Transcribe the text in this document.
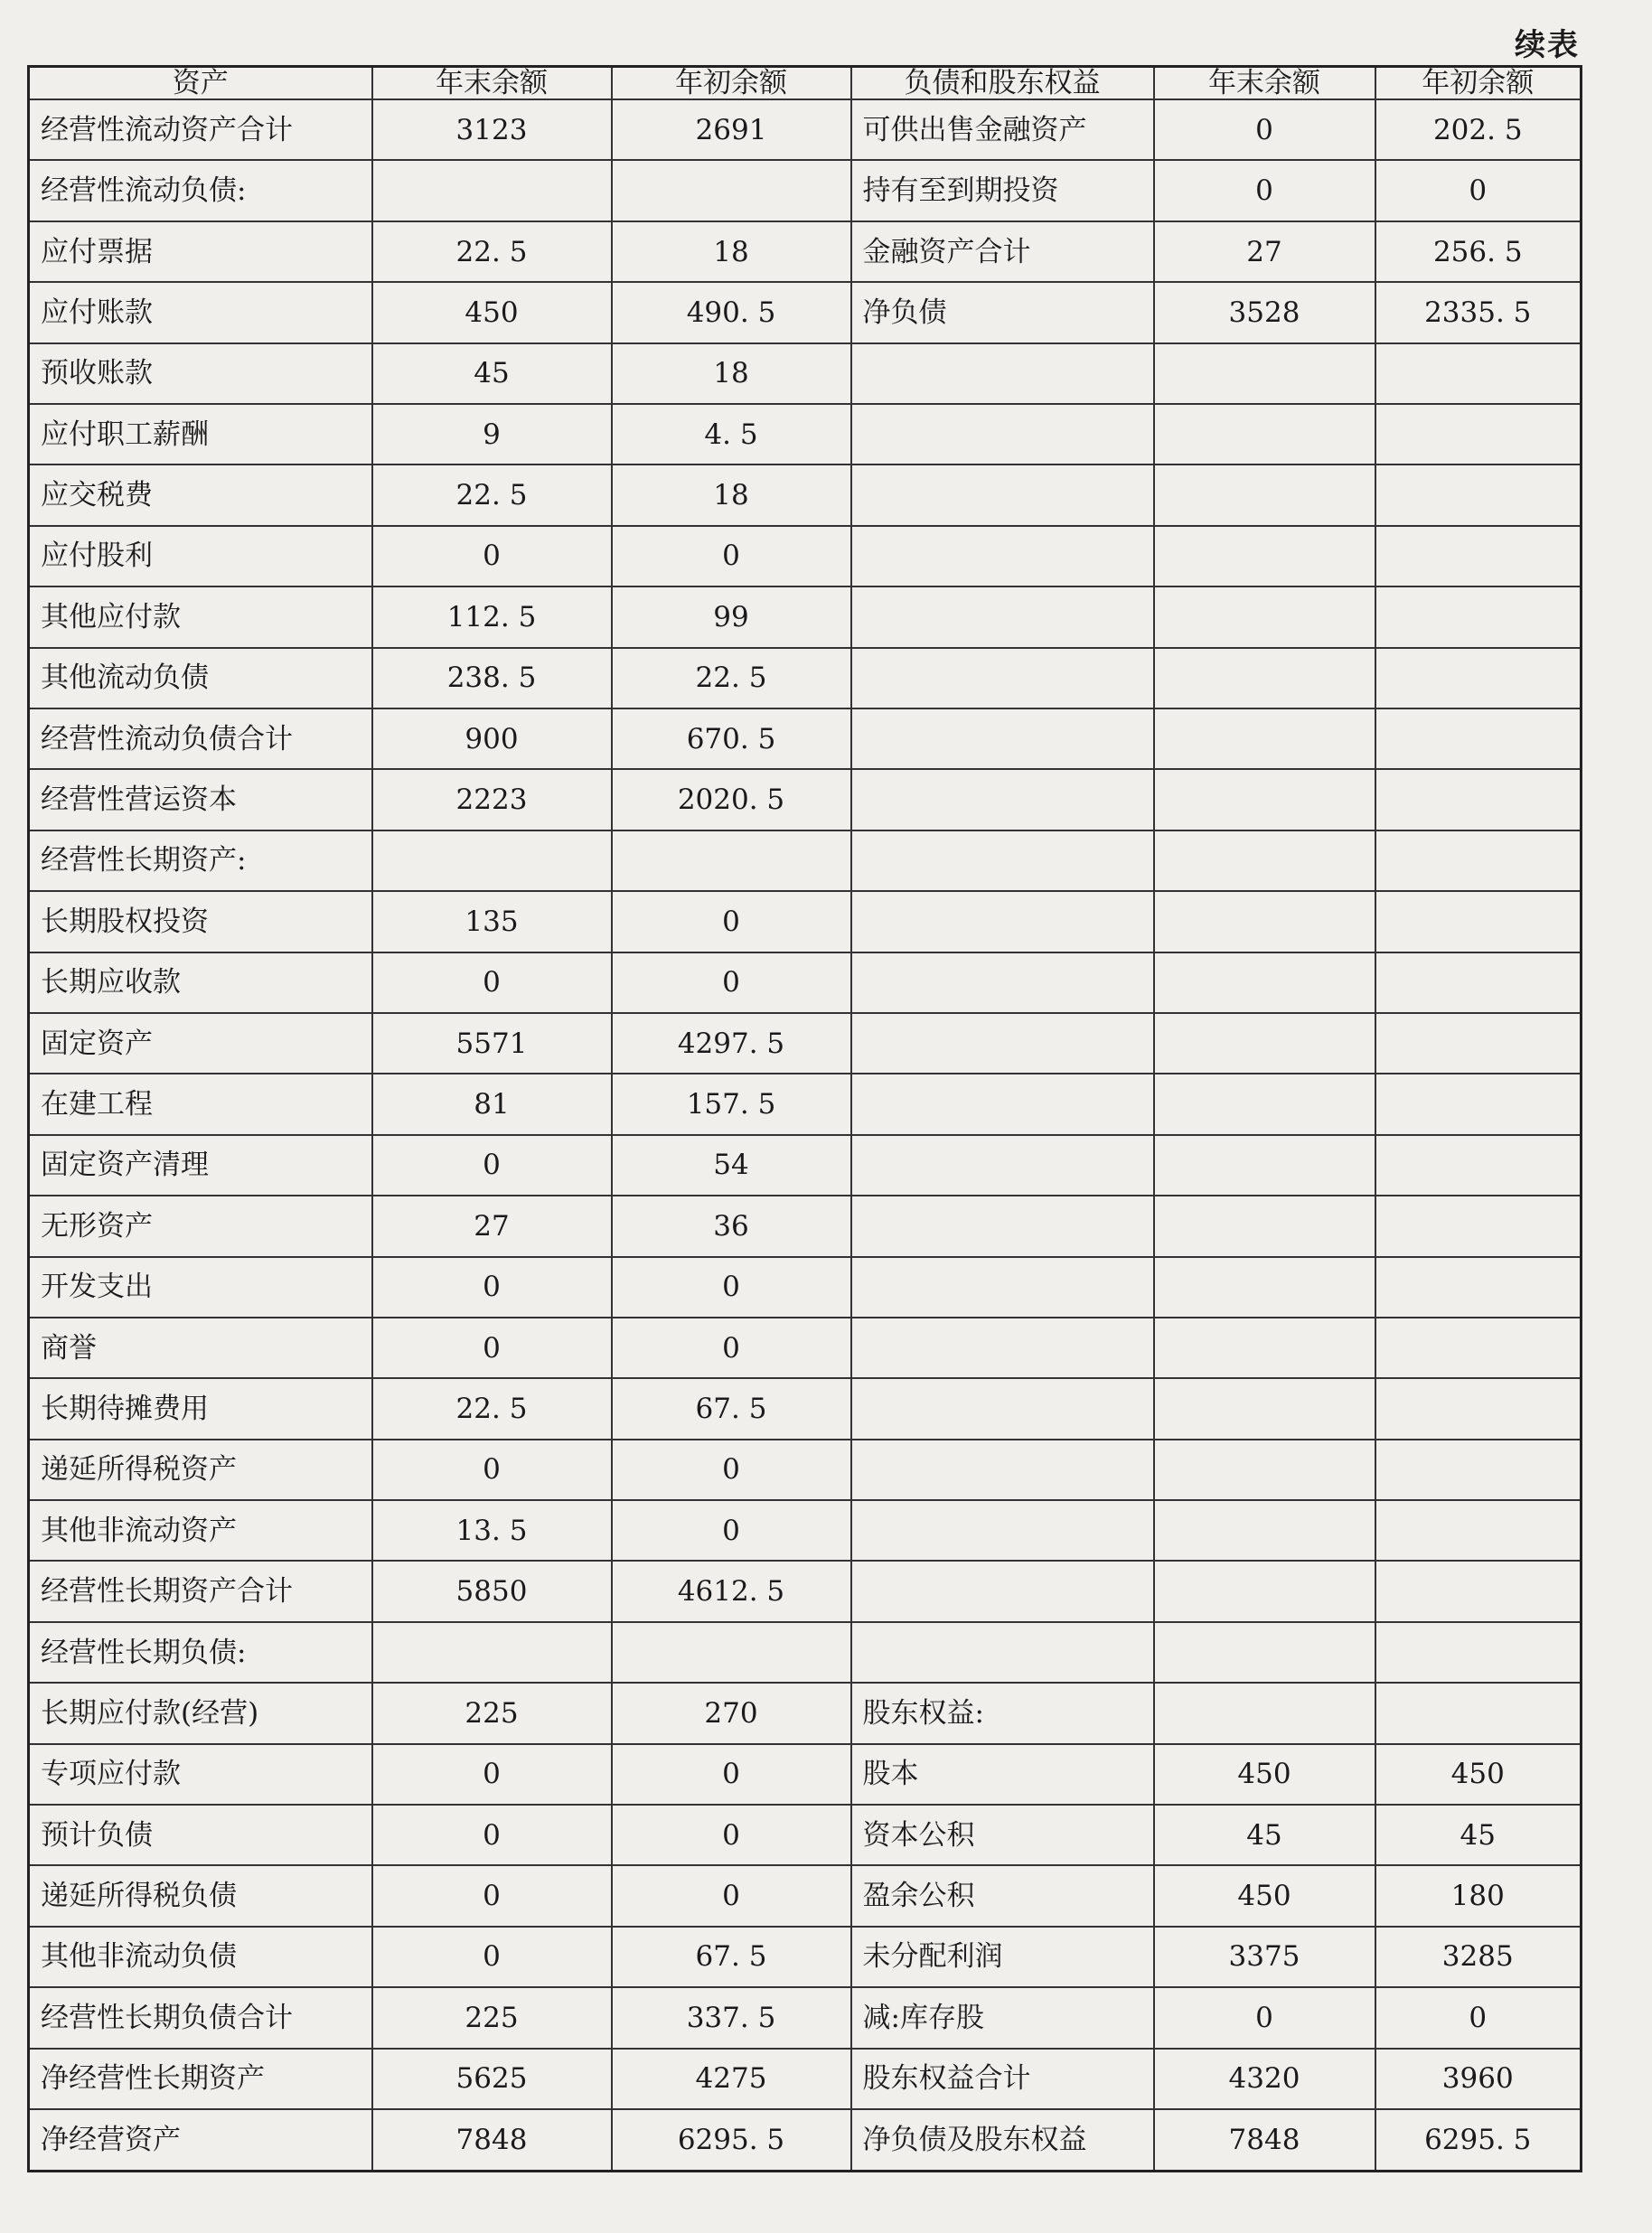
续表
资产	年末余额	年初余额	负债和股东权益	年末余额	年初余额
经营性流动资产合计	3123	2691	可供出售金融资产	0	202. 5
经营性流动负债:			持有至到期投资	0	0
应付票据	22. 5	18	金融资产合计	27	256. 5
应付账款	450	490. 5	净负债	3528	2335. 5
预收账款	45	18			
应付职工薪酬	9	4. 5			
应交税费	22. 5	18			
应付股利	0	0			
其他应付款	112. 5	99			
其他流动负债	238. 5	22. 5			
经营性流动负债合计	900	670. 5			
经营性营运资本	2223	2020. 5			
经营性长期资产:					
长期股权投资	135	0			
长期应收款	0	0			
固定资产	5571	4297. 5			
在建工程	81	157. 5			
固定资产清理	0	54			
无形资产	27	36			
开发支出	0	0			
商誉	0	0			
长期待摊费用	22. 5	67. 5			
递延所得税资产	0	0			
其他非流动资产	13. 5	0			
经营性长期资产合计	5850	4612. 5			
经营性长期负债:					
长期应付款(经营)	225	270	股东权益:		
专项应付款	0	0	股本	450	450
预计负债	0	0	资本公积	45	45
递延所得税负债	0	0	盈余公积	450	180
其他非流动负债	0	67. 5	未分配利润	3375	3285
经营性长期负债合计	225	337. 5	减:库存股	0	0
净经营性长期资产	5625	4275	股东权益合计	4320	3960
净经营资产	7848	6295. 5	净负债及股东权益	7848	6295. 5
